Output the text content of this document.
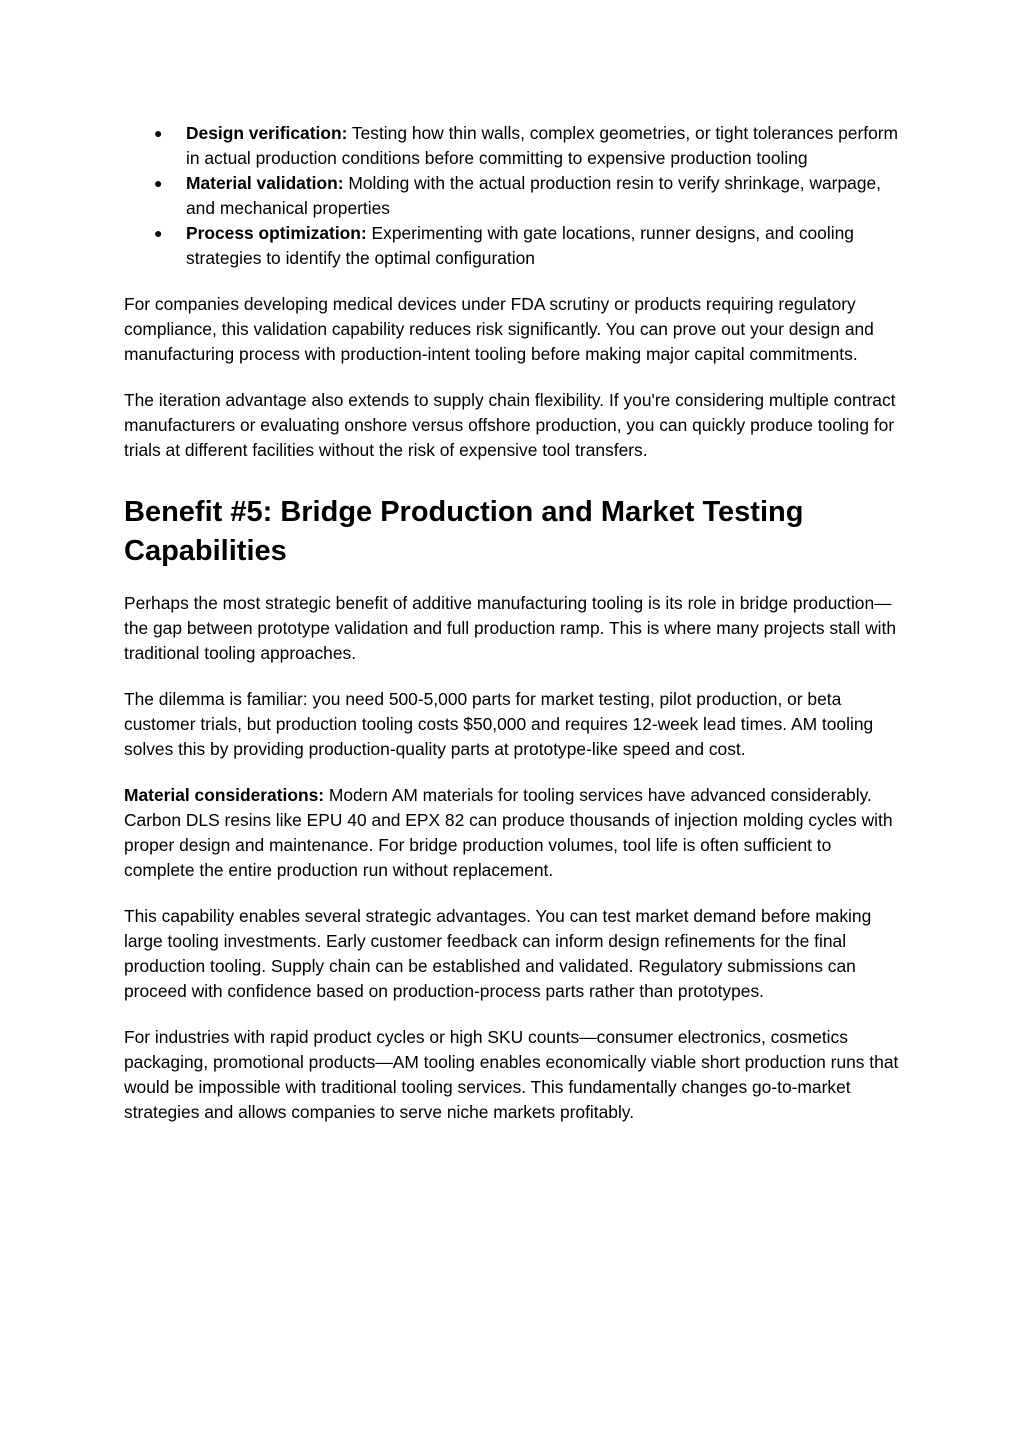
● Design verification: Testing how thin walls, complex geometries, or tight tolerances perform in actual production conditions before committing to expensive production tooling
● Material validation: Molding with the actual production resin to verify shrinkage, warpage, and mechanical properties
● Process optimization: Experimenting with gate locations, runner designs, and cooling strategies to identify the optimal configuration

For companies developing medical devices under FDA scrutiny or products requiring regulatory compliance, this validation capability reduces risk significantly. You can prove out your design and manufacturing process with production-intent tooling before making major capital commitments.

The iteration advantage also extends to supply chain flexibility. If you're considering multiple contract manufacturers or evaluating onshore versus offshore production, you can quickly produce tooling for trials at different facilities without the risk of expensive tool transfers.

Benefit #5: Bridge Production and Market Testing Capabilities

Perhaps the most strategic benefit of additive manufacturing tooling is its role in bridge production—the gap between prototype validation and full production ramp. This is where many projects stall with traditional tooling approaches.

The dilemma is familiar: you need 500-5,000 parts for market testing, pilot production, or beta customer trials, but production tooling costs $50,000 and requires 12-week lead times. AM tooling solves this by providing production-quality parts at prototype-like speed and cost.

Material considerations: Modern AM materials for tooling services have advanced considerably. Carbon DLS resins like EPU 40 and EPX 82 can produce thousands of injection molding cycles with proper design and maintenance. For bridge production volumes, tool life is often sufficient to complete the entire production run without replacement.

This capability enables several strategic advantages. You can test market demand before making large tooling investments. Early customer feedback can inform design refinements for the final production tooling. Supply chain can be established and validated. Regulatory submissions can proceed with confidence based on production-process parts rather than prototypes.

For industries with rapid product cycles or high SKU counts—consumer electronics, cosmetics packaging, promotional products—AM tooling enables economically viable short production runs that would be impossible with traditional tooling services. This fundamentally changes go-to-market strategies and allows companies to serve niche markets profitably.
